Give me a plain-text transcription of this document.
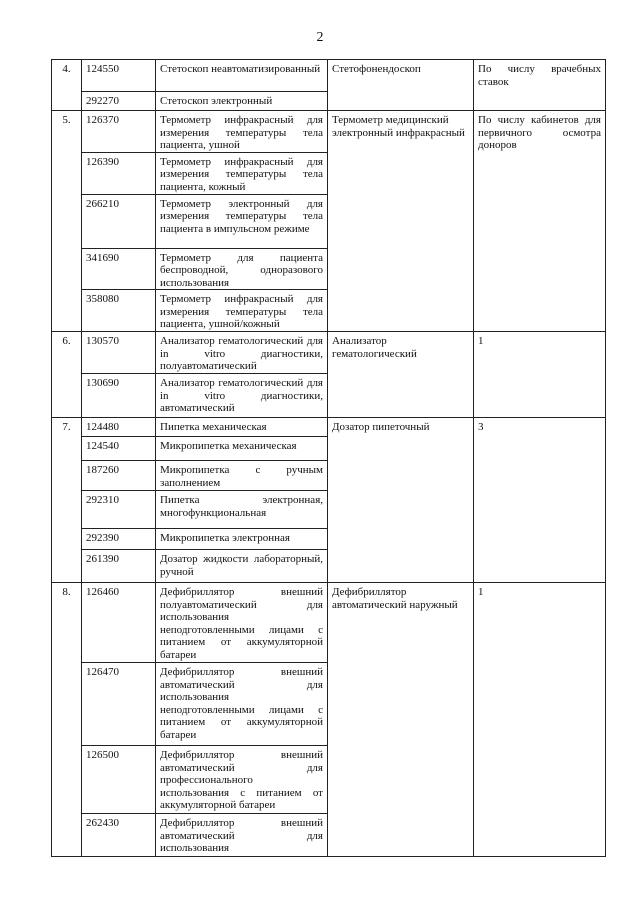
2
4.	124550	Стетоскоп неавтоматизированный	Стетофонендоскоп	По числу врачебных ставок
	292270	Стетоскоп электронный		
5.	126370	Термометр инфракрасный для измерения температуры тела пациента, ушной	Термометр медицинский электронный инфракрасный	По числу кабинетов для первичного осмотра доноров
	126390	Термометр инфракрасный для измерения температуры тела пациента, кожный		
	266210	Термометр электронный для измерения температуры тела пациента в импульсном режиме		
	341690	Термометр для пациента беспроводной, одноразового использования		
	358080	Термометр инфракрасный для измерения температуры тела пациента, ушной/кожный		
6.	130570	Анализатор гематологический для in vitro диагностики, полуавтоматический	Анализатор гематологический	1
	130690	Анализатор гематологический для in vitro диагностики, автоматический		
7.	124480	Пипетка механическая	Дозатор пипеточный	3
	124540	Микропипетка механическая		
	187260	Микропипетка с ручным заполнением		
	292310	Пипетка электронная, многофункциональная		
	292390	Микропипетка электронная		
	261390	Дозатор жидкости лабораторный, ручной		
8.	126460	Дефибриллятор внешний полуавтоматический для использования неподготовленными лицами с питанием от аккумуляторной батареи	Дефибриллятор автоматический наружный	1
	126470	Дефибриллятор внешний автоматический для использования неподготовленными лицами с питанием от аккумуляторной батареи		
	126500	Дефибриллятор внешний автоматический для профессионального использования с питанием от аккумуляторной батареи		
	262430	Дефибриллятор внешний автоматический для использования		
